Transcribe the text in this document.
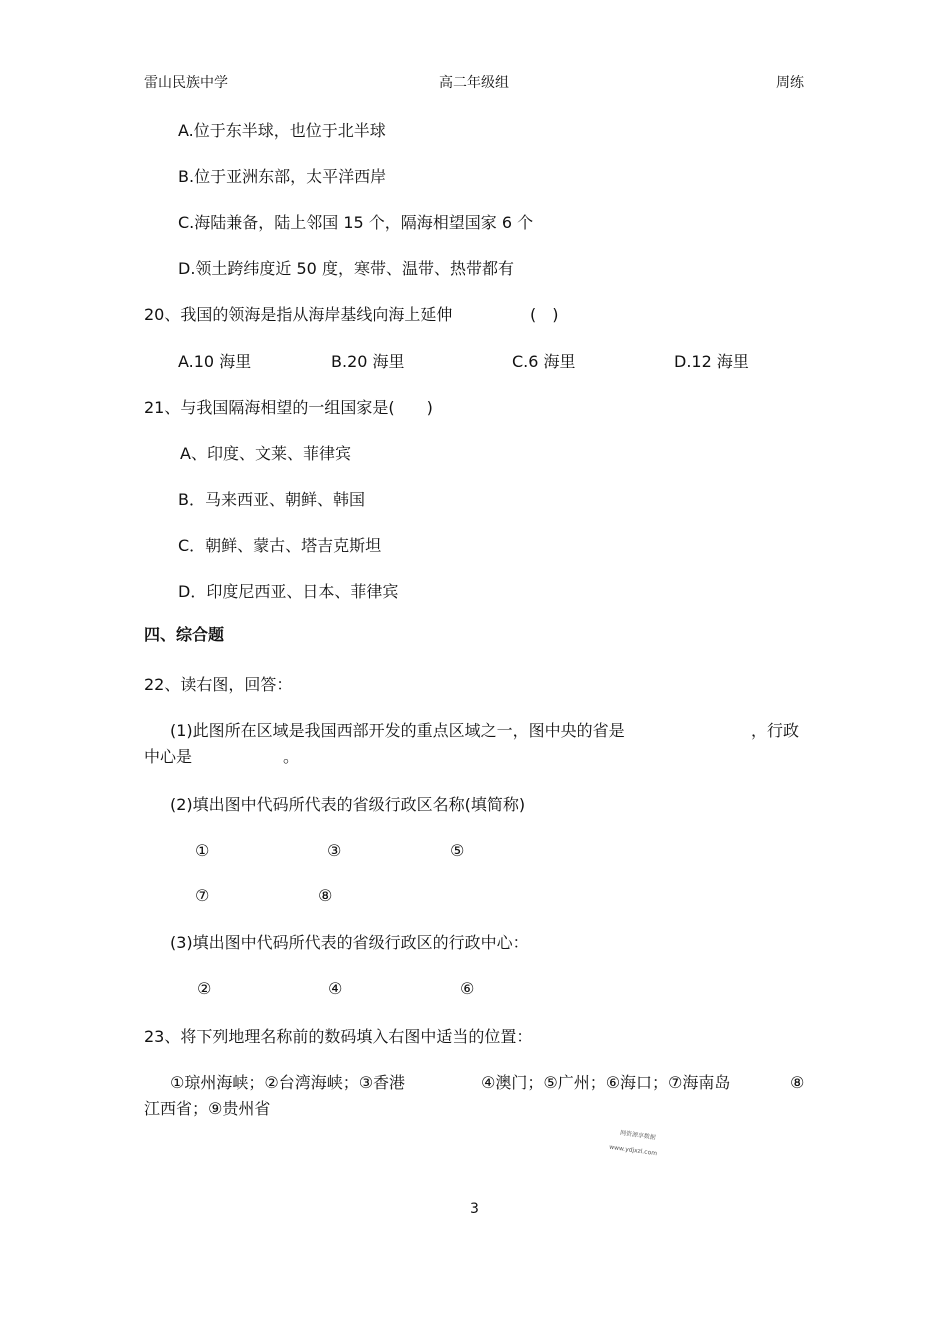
雷山民族中学	高二年级组	周练
A.位于东半球，也位于北半球
B.位于亚洲东部，太平洋西岸
C.海陆兼备，陆上邻国 15 个，隔海相望国家 6 个
D.领土跨纬度近 50 度，寒带、温带、热带都有
20、我国的领海是指从海岸基线向海上延伸	(　)
A.10 海里	B.20 海里	C.6 海里	D.12 海里
21、与我国隔海相望的一组国家是(　　)
A、印度、文莱、菲律宾
B．马来西亚、朝鲜、韩国
C．朝鲜、蒙古、塔吉克斯坦
D．印度尼西亚、日本、菲律宾
四、综合题
22、读右图，回答：
(1)此图所在区域是我国西部开发的重点区域之一，图中央的省是	，行政
中心是	。
(2)填出图中代码所代表的省级行政区名称(填简称)
①	③	⑤
⑦	⑧
(3)填出图中代码所代表的省级行政区的行政中心：
②	④	⑥
23、将下列地理名称前的数码填入右图中适当的位置：
①琼州海峡；②台湾海峡；③香港	④澳门；⑤广州；⑥海口；⑦海南岛	⑧
江西省；⑨贵州省
网资源享数据
www.ydjxzl.com
3
